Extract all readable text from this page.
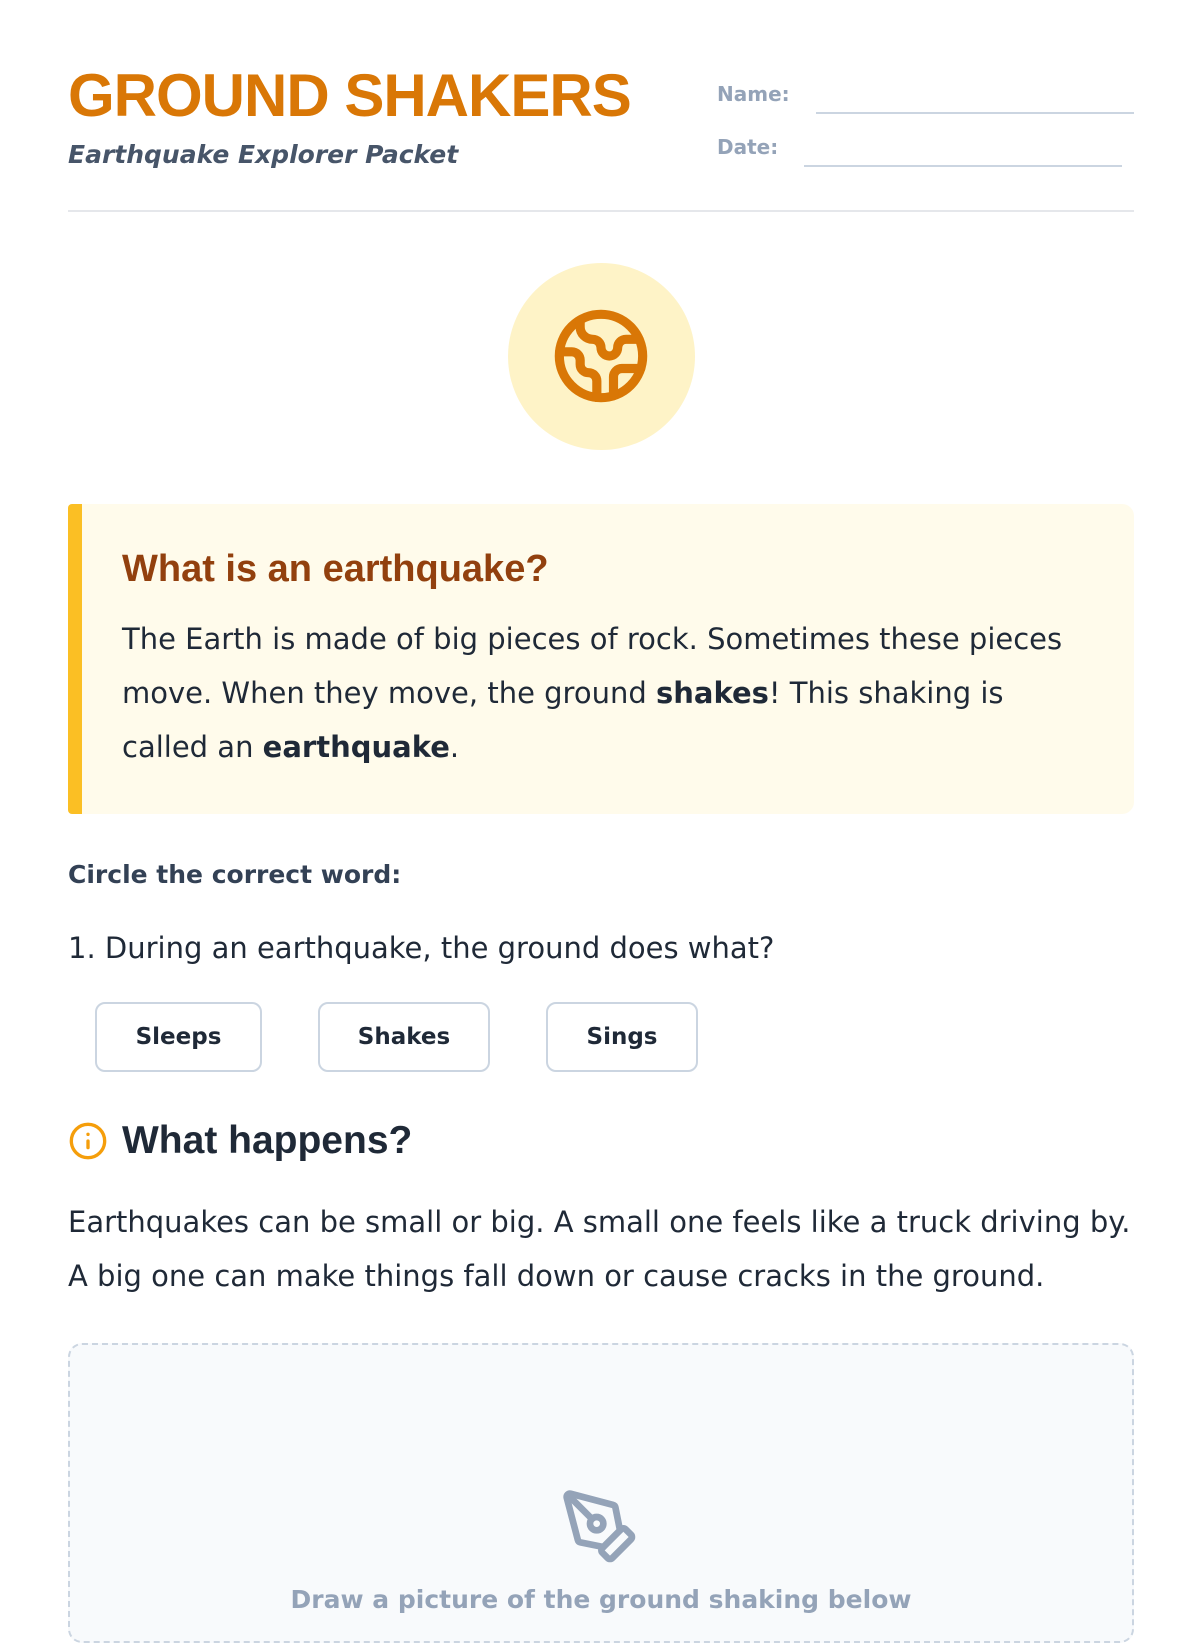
GROUND SHAKERS
Earthquake Explorer Packet
Name:
Date:
What is an earthquake?
The Earth is made of big pieces of rock. Sometimes these pieces move. When they move, the ground shakes! This shaking is called an earthquake.
Circle the correct word:
1. During an earthquake, the ground does what?
Sleeps	Shakes	Sings
What happens?
Earthquakes can be small or big. A small one feels like a truck driving by. A big one can make things fall down or cause cracks in the ground.
Draw a picture of the ground shaking below
